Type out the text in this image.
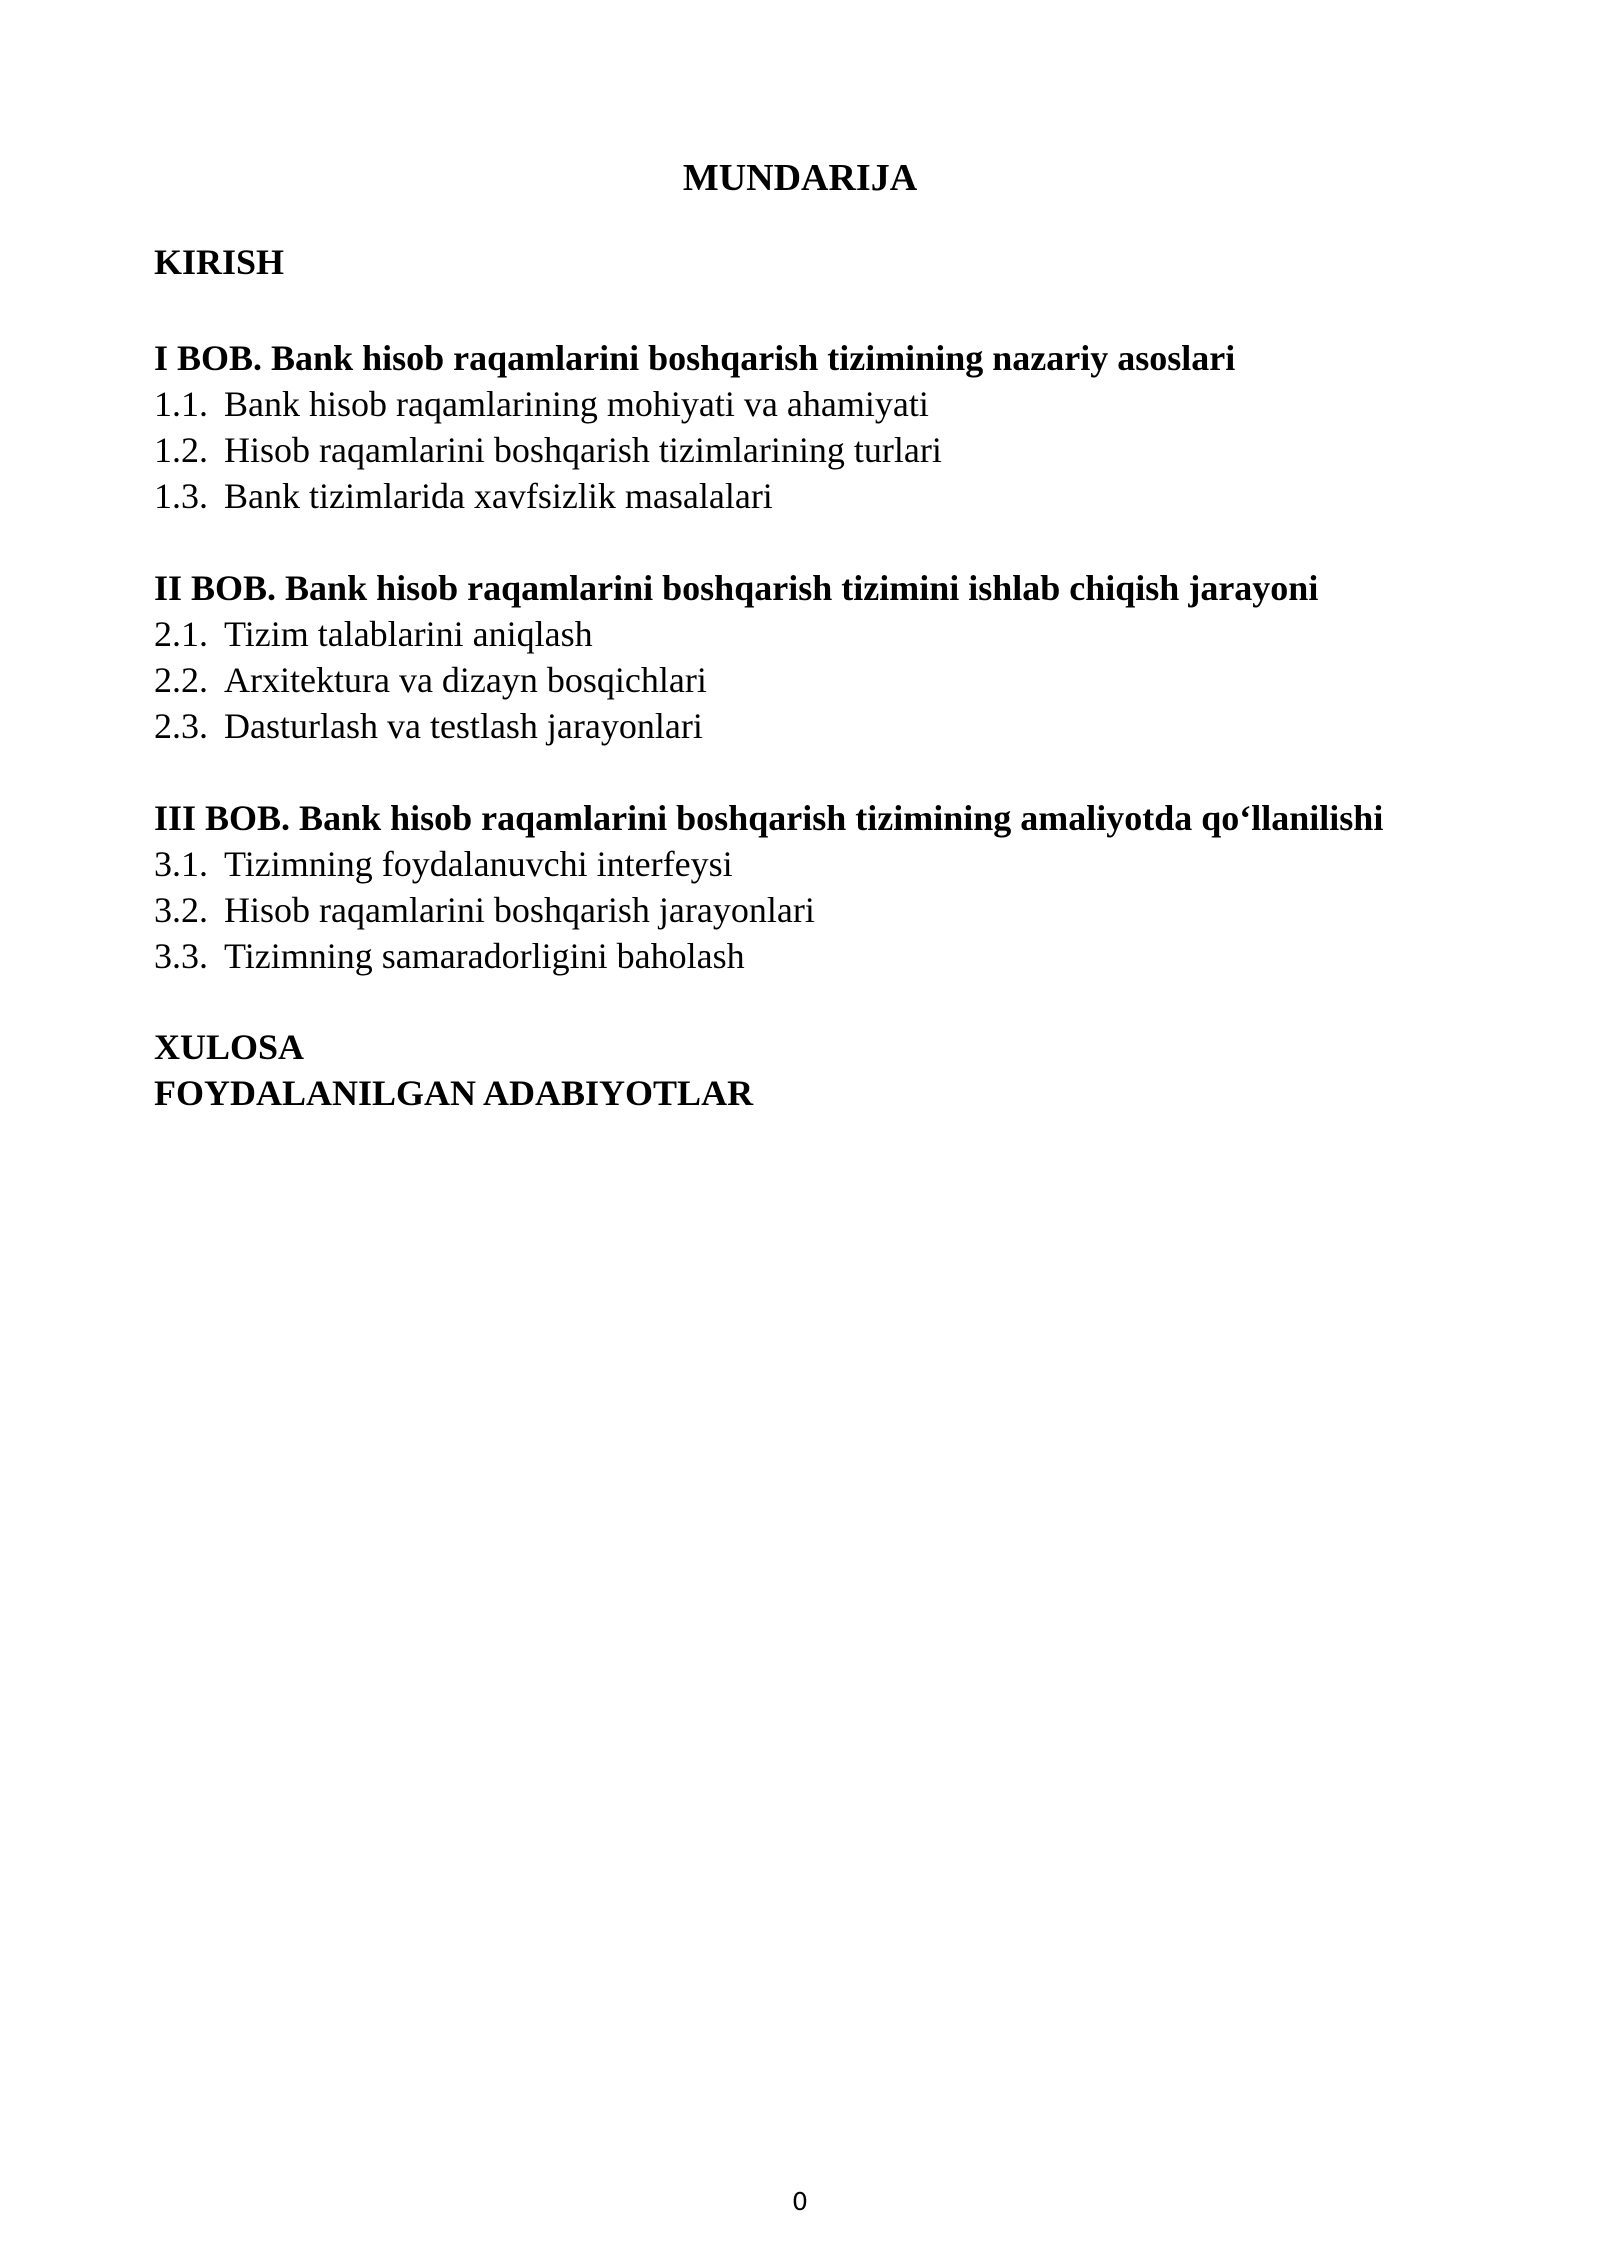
MUNDARIJA
KIRISH
I BOB. Bank hisob raqamlarini boshqarish tizimining nazariy asoslari
1.1. Bank hisob raqamlarining mohiyati va ahamiyati
1.2. Hisob raqamlarini boshqarish tizimlarining turlari
1.3. Bank tizimlarida xavfsizlik masalalari
II BOB. Bank hisob raqamlarini boshqarish tizimini ishlab chiqish jarayoni
2.1. Tizim talablarini aniqlash
2.2. Arxitektura va dizayn bosqichlari
2.3. Dasturlash va testlash jarayonlari
III BOB. Bank hisob raqamlarini boshqarish tizimining amaliyotda qo‘llanilishi
3.1. Tizimning foydalanuvchi interfeysi
3.2. Hisob raqamlarini boshqarish jarayonlari
3.3. Tizimning samaradorligini baholash
XULOSA
FOYDALANILGAN ADABIYOTLAR
0
